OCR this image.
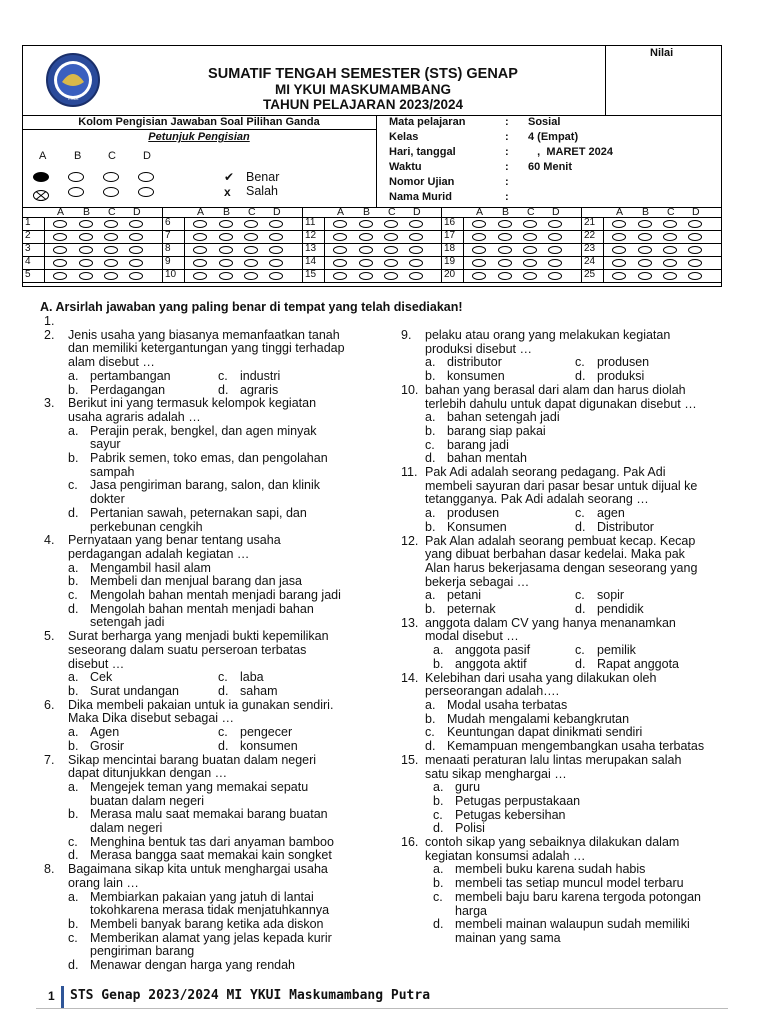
Nilai
YKUI
SUMATIF TENGAH SEMESTER (STS) GENAP
MI YKUI MASKUMAMBANG
TAHUN PELAJARAN 2023/2024
Kolom Pengisian Jawaban Soal Pilihan Ganda
Petunjuk Pengisian
A	B C D
✔ Benar
x Salah
Mata pelajaran	: Sosial
Kelas	: 4 (Empat)
Hari, tanggal	: ,  MARET 2024
Waktu	: 60 Menit
Nomor Ujian	:
Nama Murid	:
A B C D
1
2
3
4
5
A B C D
6
7
8
9
10
A B C D
11
12
13
14
15
A B C D
16
17
18
19
20
A B C D
21
22
23
24
25
A. Arsirlah jawaban yang paling benar di tempat yang telah disediakan!
1.
2. Jenis usaha yang biasanya memanfaatkan tanah
dan memiliki ketergantungan yang tinggi terhadap
alam disebut …
a. pertambangan	c. industri
b. Perdagangan	d. agraris
3. Berikut ini yang termasuk kelompok kegiatan
usaha agraris adalah …
a. Perajin perak, bengkel, dan agen minyak
sayur
b. Pabrik semen, toko emas, dan pengolahan
sampah
c. Jasa pengiriman barang, salon, dan klinik
dokter
d. Pertanian sawah, peternakan sapi, dan
perkebunan cengkih
4. Pernyataan yang benar tentang usaha
perdagangan adalah kegiatan …
a. Mengambil hasil alam
b. Membeli dan menjual barang dan jasa
c. Mengolah bahan mentah menjadi barang jadi
d. Mengolah bahan mentah menjadi bahan
setengah jadi
5. Surat berharga yang menjadi bukti kepemilikan
seseorang dalam suatu perseroan terbatas
disebut …
a. Cek	c. laba
b. Surat undangan	d. saham
6. Dika membeli pakaian untuk ia gunakan sendiri.
Maka Dika disebut sebagai …
a. Agen	c. pengecer
b. Grosir	d. konsumen
7. Sikap mencintai barang buatan dalam negeri
dapat ditunjukkan dengan …
a. Mengejek teman yang memakai sepatu
buatan dalam negeri
b. Merasa malu saat memakai barang buatan
dalam negeri
c. Menghina bentuk tas dari anyaman bamboo
d. Merasa bangga saat memakai kain songket
8. Bagaimana sikap kita untuk menghargai usaha
orang lain …
a. Membiarkan pakaian yang jatuh di lantai
tokohkarena merasa tidak menjatuhkannya
b. Membeli banyak barang ketika ada diskon
c. Memberikan alamat yang jelas kepada kurir
pengiriman barang
d. Menawar dengan harga yang rendah
9. pelaku atau orang yang melakukan kegiatan
produksi disebut …
a. distributor	c. produsen
b. konsumen	d. produksi
10. bahan yang berasal dari alam dan harus diolah
terlebih dahulu untuk dapat digunakan disebut …
a. bahan setengah jadi
b. barang siap pakai
c. barang jadi
d. bahan mentah
11. Pak Adi adalah seorang pedagang. Pak Adi
membeli sayuran dari pasar besar untuk dijual ke
tetangganya. Pak Adi adalah seorang …
a. produsen	c. agen
b. Konsumen	d. Distributor
12. Pak Alan adalah seorang pembuat kecap. Kecap
yang dibuat berbahan dasar kedelai. Maka pak
Alan harus bekerjasama dengan seseorang yang
bekerja sebagai …
a. petani	c. sopir
b. peternak	d. pendidik
13. anggota dalam CV yang hanya menanamkan
modal disebut …
a. anggota pasif	c. pemilik
b. anggota aktif	d. Rapat anggota
14. Kelebihan dari usaha yang dilakukan oleh
perseorangan adalah….
a. Modal usaha terbatas
b. Mudah mengalami kebangkrutan
c. Keuntungan dapat dinikmati sendiri
d. Kemampuan mengembangkan usaha terbatas
15. menaati peraturan lalu lintas merupakan salah
satu sikap menghargai …
a. guru
b. Petugas perpustakaan
c. Petugas kebersihan
d. Polisi
16. contoh sikap yang sebaiknya dilakukan dalam
kegiatan konsumsi adalah …
a. membeli buku karena sudah habis
b. membeli tas setiap muncul model terbaru
c. membeli baju baru karena tergoda potongan
harga
d. membeli mainan walaupun sudah memiliki
mainan yang sama
1 STS Genap 2023/2024 MI YKUI Maskumambang Putra
